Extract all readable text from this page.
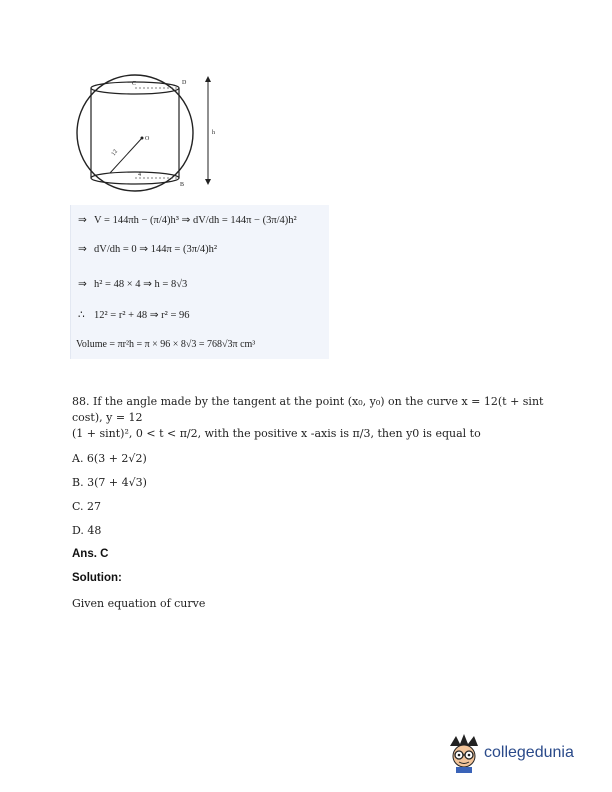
C	D
O
B
h
4
12
⇒ V = 144πh − (π/4)h³ ⇒ dV/dh = 144π − (3π/4)h²
⇒ dV/dh = 0 ⇒ 144π = (3π/4)h²
⇒ h² = 48 × 4 ⇒ h = 8√3
∴ 12² = r² + 48 ⇒ r² = 96
Volume = πr²h = π × 96 × 8√3 = 768√3π cm³
88. If the angle made by the tangent at the point (x₀, y₀) on the curve x = 12(t + sint
cost), y = 12
(1 + sint)², 0 < t < π/2, with the positive x -axis is π/3, then y0 is equal to
A. 6(3 + 2√2)
B. 3(7 + 4√3)
C. 27
D. 48
Ans. C
Solution:
Given equation of curve
collegedunia
